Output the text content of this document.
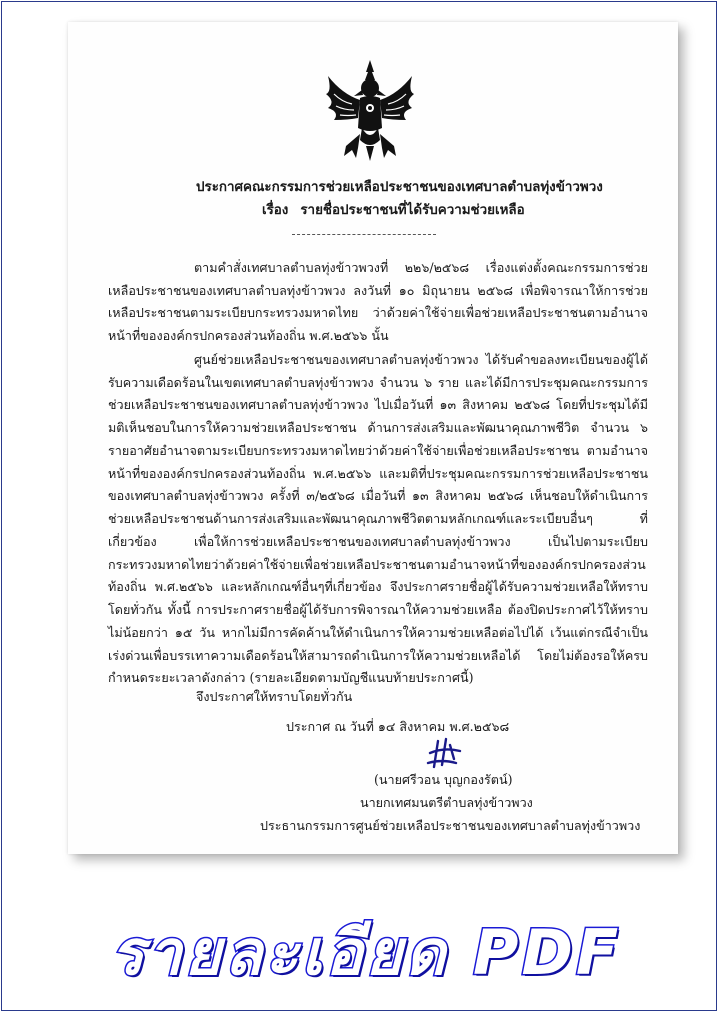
ประกาศคณะกรรมการช่วยเหลือประชาชนของเทศบาลตำบลทุ่งข้าวพวง
เรื่อง รายชื่อประชาชนที่ได้รับความช่วยเหลือ

ตามคำสั่งเทศบาลตำบลทุ่งข้าวพวงที่ ๒๒๖/๒๕๖๘ เรื่องแต่งตั้งคณะกรรมการช่วยเหลือประชาชนของเทศบาลตำบลทุ่งข้าวพวง ลงวันที่ ๑๐ มิถุนายน ๒๕๖๘ เพื่อพิจารณาให้การช่วยเหลือประชาชนตามระเบียบกระทรวงมหาดไทย ว่าด้วยค่าใช้จ่ายเพื่อช่วยเหลือประชาชนตามอำนาจหน้าที่ขององค์กรปกครองส่วนท้องถิ่น พ.ศ.๒๕๖๖ นั้น

ศูนย์ช่วยเหลือประชาชนของเทศบาลตำบลทุ่งข้าวพวง ได้รับคำขอลงทะเบียนของผู้ได้รับความเดือดร้อนในเขตเทศบาลตำบลทุ่งข้าวพวง จำนวน ๖ ราย และได้มีการประชุมคณะกรรมการช่วยเหลือประชาชนของเทศบาลตำบลทุ่งข้าวพวง ไปเมื่อวันที่ ๑๓ สิงหาคม ๒๕๖๘ โดยที่ประชุมได้มีมติเห็นชอบในการให้ความช่วยเหลือประชาชน ด้านการส่งเสริมและพัฒนาคุณภาพชีวิต จำนวน ๖ รายอาศัยอำนาจตามระเบียบกระทรวงมหาดไทยว่าด้วยค่าใช้จ่ายเพื่อช่วยเหลือประชาชน ตามอำนาจหน้าที่ขององค์กรปกครองส่วนท้องถิ่น พ.ศ.๒๕๖๖ และมติที่ประชุมคณะกรรมการช่วยเหลือประชาชนของเทศบาลตำบลทุ่งข้าวพวง ครั้งที่ ๓/๒๕๖๘ เมื่อวันที่ ๑๓ สิงหาคม ๒๕๖๘ เห็นชอบให้ดำเนินการช่วยเหลือประชาชนด้านการส่งเสริมและพัฒนาคุณภาพชีวิตตามหลักเกณฑ์และระเบียบอื่นๆ ที่เกี่ยวข้อง	เพื่อให้การช่วยเหลือประชาชนของเทศบาลตำบลทุ่งข้าวพวง เป็นไปตามระเบียบกระทรวงมหาดไทยว่าด้วยค่าใช้จ่ายเพื่อช่วยเหลือประชาชนตามอำนาจหน้าที่ขององค์กรปกครองส่วนท้องถิ่น พ.ศ.๒๕๖๖ และหลักเกณฑ์อื่นๆที่เกี่ยวข้อง จึงประกาศรายชื่อผู้ได้รับความช่วยเหลือให้ทราบโดยทั่วกัน ทั้งนี้ การประกาศรายชื่อผู้ได้รับการพิจารณาให้ความช่วยเหลือ ต้องปิดประกาศไว้ให้ทราบไม่น้อยกว่า ๑๕ วัน หากไม่มีการคัดค้านให้ดำเนินการให้ความช่วยเหลือต่อไปได้ เว้นแต่กรณีจำเป็นเร่งด่วนเพื่อบรรเทาความเดือดร้อนให้สามารถดำเนินการให้ความช่วยเหลือได้ โดยไม่ต้องรอให้ครบกำหนดระยะเวลาดังกล่าว (รายละเอียดตามบัญชีแนบท้ายประกาศนี้)

จึงประกาศให้ทราบโดยทั่วกัน
ประกาศ ณ วันที่ ๑๔ สิงหาคม พ.ศ.๒๕๖๘
(นายศรีวอน บุญกองรัตน์)
นายกเทศมนตรีตำบลทุ่งข้าวพวง
ประธานกรรมการศูนย์ช่วยเหลือประชาชนของเทศบาลตำบลทุ่งข้าวพวง
รายละเอียด PDF
